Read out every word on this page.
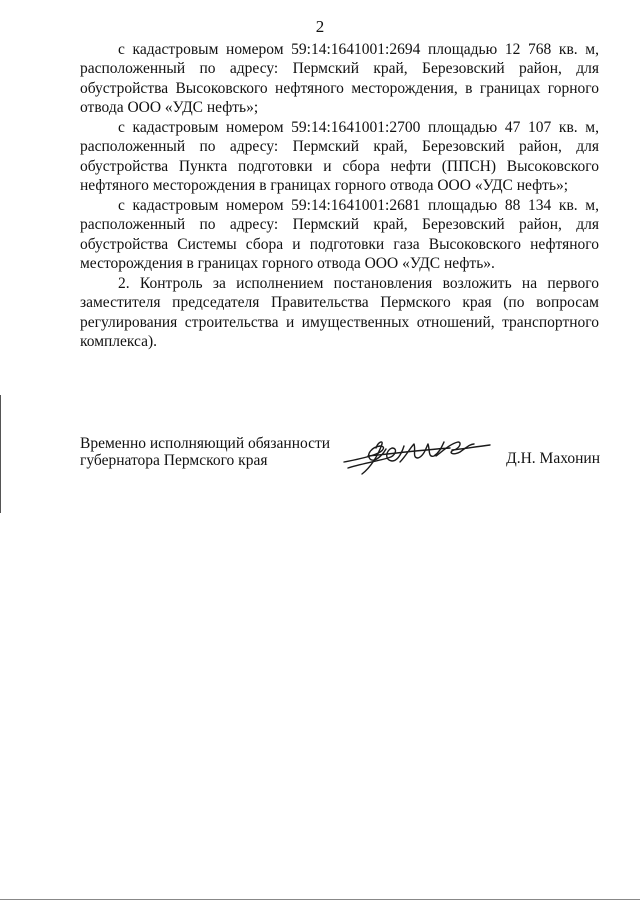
2

с кадастровым номером 59:14:1641001:2694 площадью 12 768 кв. м, расположенный по адресу: Пермский край, Березовский район, для обустройства Высоковского нефтяного месторождения, в границах горного отвода ООО «УДС нефть»;

с кадастровым номером 59:14:1641001:2700 площадью 47 107 кв. м, расположенный по адресу: Пермский край, Березовский район, для обустройства Пункта подготовки и сбора нефти (ППСН) Высоковского нефтяного месторождения в границах горного отвода ООО «УДС нефть»;

с кадастровым номером 59:14:1641001:2681 площадью 88 134 кв. м, расположенный по адресу: Пермский край, Березовский район, для обустройства Системы сбора и подготовки газа Высоковского нефтяного месторождения в границах горного отвода ООО «УДС нефть».

2. Контроль за исполнением постановления возложить на первого заместителя председателя Правительства Пермского края (по вопросам регулирования строительства и имущественных отношений, транспортного комплекса).

Временно исполняющий обязанности
губернатора Пермского края	Д.Н. Махонин
